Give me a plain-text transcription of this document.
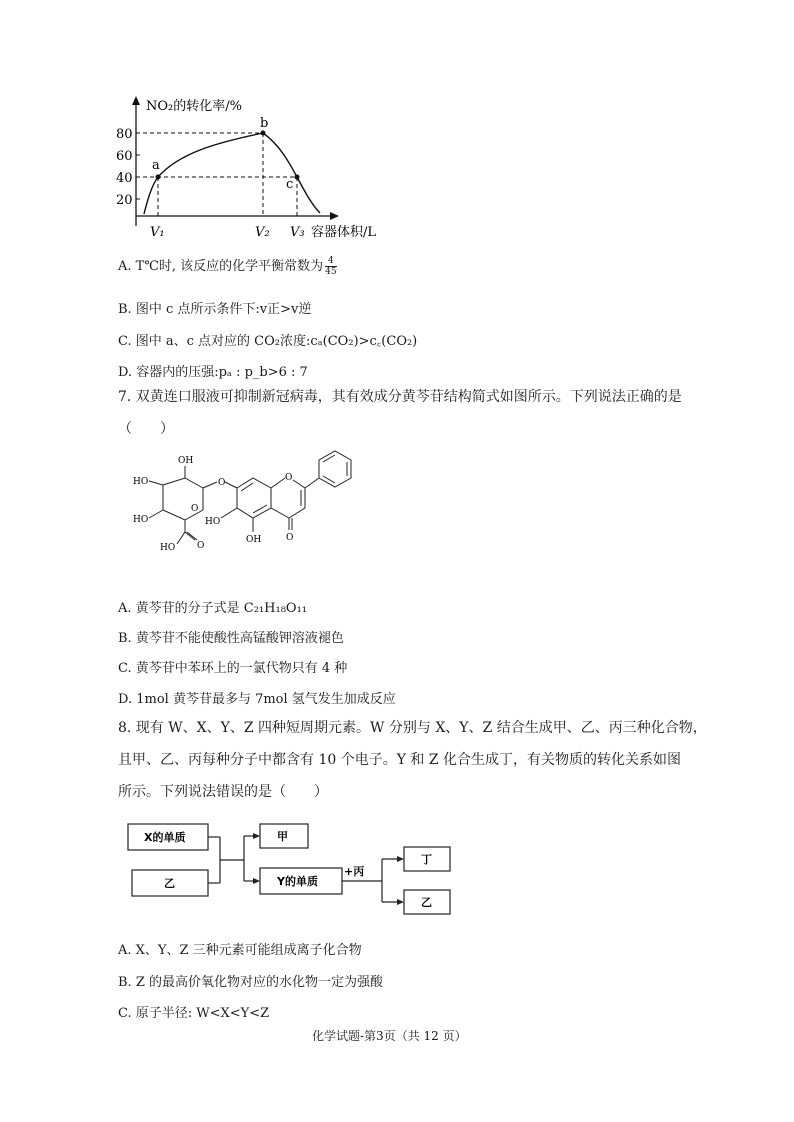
80
60
40
20
NO₂的转化率/%
a
b
c
V₁	V₂ V₃ 容器体积/L
A. T℃时, 该反应的化学平衡常数为 $\frac{4}{45}$
B. 图中 c 点所示条件下:v正>v逆
C. 图中 a、c 点对应的 CO₂浓度:cₐ(CO₂)>c꜀(CO₂)
D. 容器内的压强:pₐ : p_b>6 : 7
7. 双黄连口服液可抑制新冠病毒，其有效成分黄芩苷结构简式如图所示。下列说法正确的是
（　　）
OH
HO
HO
O
O
HO O
O
HO
OH	O
A. 黄芩苷的分子式是 C₂₁H₁₈O₁₁
B. 黄芩苷不能使酸性高锰酸钾溶液褪色
C. 黄芩苷中苯环上的一氯代物只有 4 种
D. 1mol 黄芩苷最多与 7mol 氢气发生加成反应
8. 现有 W、X、Y、Z 四种短周期元素。W 分别与 X、Y、Z 结合生成甲、乙、丙三种化合物，
且甲、乙、丙每种分子中都含有 10 个电子。Y 和 Z 化合生成丁，有关物质的转化关系如图
所示。下列说法错误的是（　　）
X的单质
乙
甲
Y的单质
丁
乙
+丙
A. X、Y、Z 三种元素可能组成离子化合物
B. Z 的最高价氧化物对应的水化物一定为强酸
C. 原子半径: W<X<Y<Z
化学试题-第3页（共 12 页）
